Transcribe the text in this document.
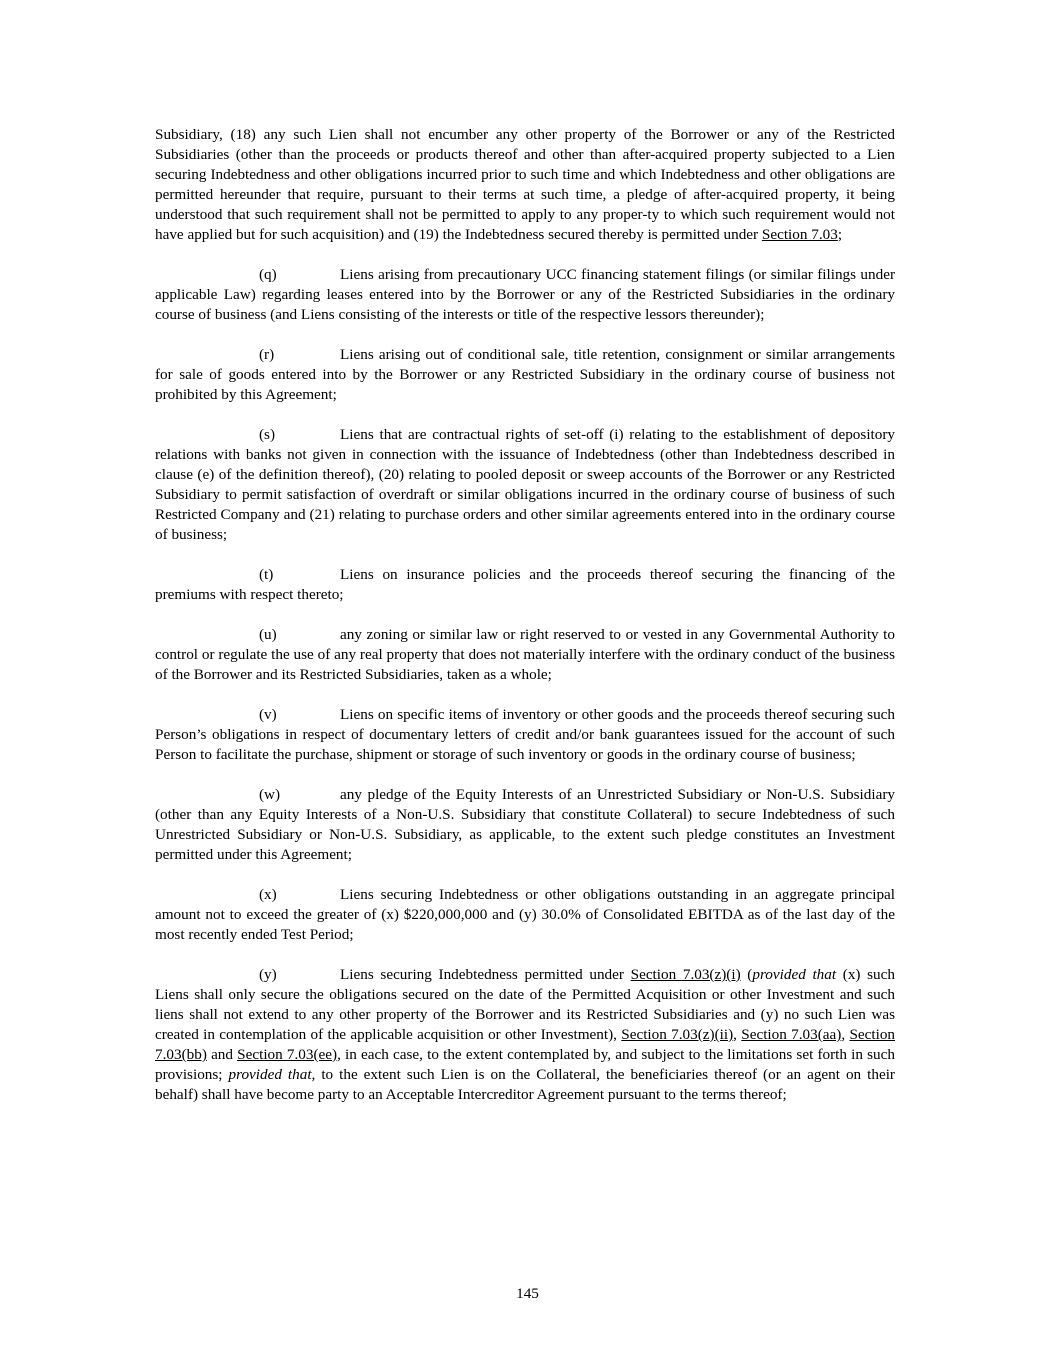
Subsidiary, (18) any such Lien shall not encumber any other property of the Borrower or any of the Restricted Subsidiaries (other than the proceeds or products thereof and other than after-acquired property subjected to a Lien securing Indebtedness and other obligations incurred prior to such time and which Indebtedness and other obligations are permitted hereunder that require, pursuant to their terms at such time, a pledge of after-acquired property, it being understood that such requirement shall not be permitted to apply to any proper-ty to which such requirement would not have applied but for such acquisition) and (19) the Indebtedness secured thereby is permitted under Section 7.03;

(q)	Liens arising from precautionary UCC financing statement filings (or similar filings under applicable Law) regarding leases entered into by the Borrower or any of the Restricted Subsidiaries in the ordinary course of business (and Liens consisting of the interests or title of the respective lessors thereunder);

(r)	Liens arising out of conditional sale, title retention, consignment or similar arrangements for sale of goods entered into by the Borrower or any Restricted Subsidiary in the ordinary course of business not prohibited by this Agreement;

(s)	Liens that are contractual rights of set-off (i) relating to the establishment of depository relations with banks not given in connection with the issuance of Indebtedness (other than Indebtedness described in clause (e) of the definition thereof), (20) relating to pooled deposit or sweep accounts of the Borrower or any Restricted Subsidiary to permit satisfaction of overdraft or similar obligations incurred in the ordinary course of business of such Restricted Company and (21) relating to purchase orders and other similar agreements entered into in the ordinary course of business;

(t)	Liens on insurance policies and the proceeds thereof securing the financing of the premiums with respect thereto;

(u)	any zoning or similar law or right reserved to or vested in any Governmental Authority to control or regulate the use of any real property that does not materially interfere with the ordinary conduct of the business of the Borrower and its Restricted Subsidiaries, taken as a whole;

(v)	Liens on specific items of inventory or other goods and the proceeds thereof securing such Person’s obligations in respect of documentary letters of credit and/or bank guarantees issued for the account of such Person to facilitate the purchase, shipment or storage of such inventory or goods in the ordinary course of business;

(w)	any pledge of the Equity Interests of an Unrestricted Subsidiary or Non-U.S. Subsidiary (other than any Equity Interests of a Non-U.S. Subsidiary that constitute Collateral) to secure Indebtedness of such Unrestricted Subsidiary or Non-U.S. Subsidiary, as applicable, to the extent such pledge constitutes an Investment permitted under this Agreement;

(x)	Liens securing Indebtedness or other obligations outstanding in an aggregate principal amount not to exceed the greater of (x) $220,000,000 and (y) 30.0% of Consolidated EBITDA as of the last day of the most recently ended Test Period;

(y)	Liens securing Indebtedness permitted under Section 7.03(z)(i) (provided that (x) such Liens shall only secure the obligations secured on the date of the Permitted Acquisition or other Investment and such liens shall not extend to any other property of the Borrower and its Restricted Subsidiaries and (y) no such Lien was created in contemplation of the applicable acquisition or other Investment), Section 7.03(z)(ii), Section 7.03(aa), Section 7.03(bb) and Section 7.03(ee), in each case, to the extent contemplated by, and subject to the limitations set forth in such provisions; provided that, to the extent such Lien is on the Collateral, the beneficiaries thereof (or an agent on their behalf) shall have become party to an Acceptable Intercreditor Agreement pursuant to the terms thereof;

145
